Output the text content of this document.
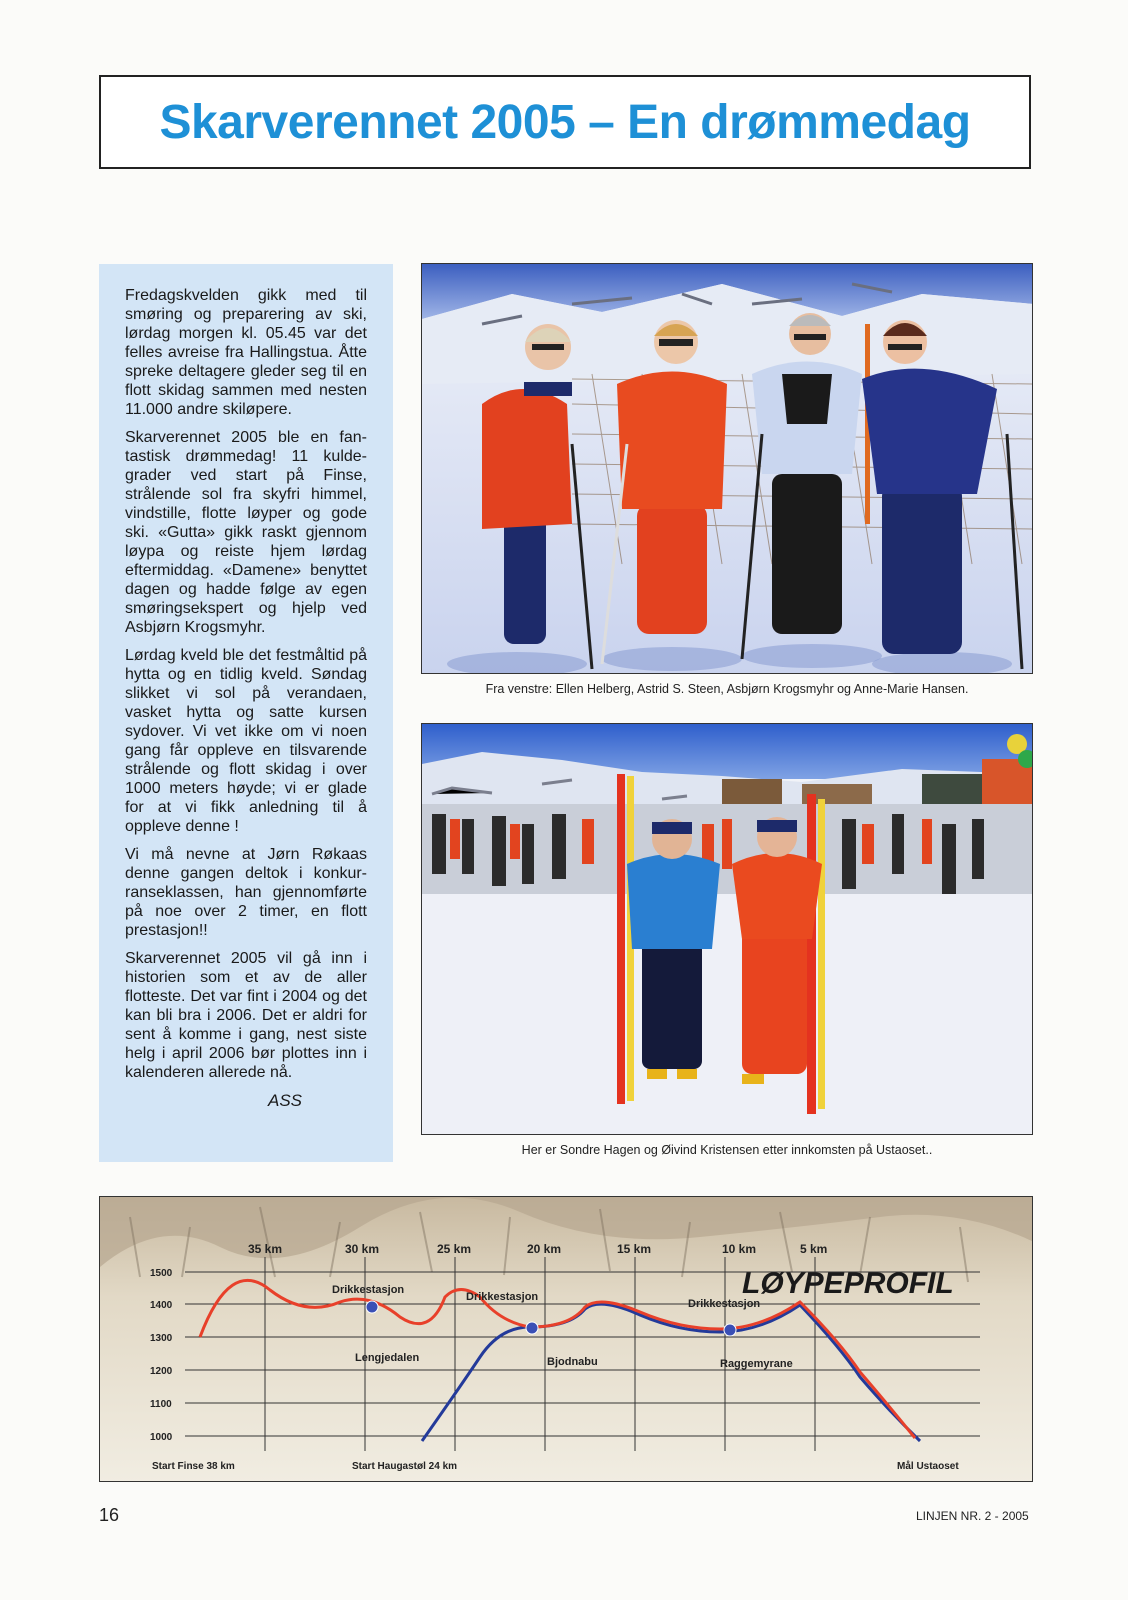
Skarverennet 2005 – En drømmedag

Fredagskvelden gikk med til smøring og preparering av ski, lørdag morgen kl. 05.45 var det felles avreise fra Hallingstua. Åtte spreke deltagere gleder seg til en flott skidag sammen med nesten 11.000 andre skiløpere.

Skarverennet 2005 ble en fantastisk drømmedag! 11 kuldegrader ved start på Finse, strålende sol fra skyfri himmel, vindstille, flotte løyper og gode ski. «Gutta» gikk raskt gjennom løypa og reiste hjem lørdag eftermiddag. «Damene» benyttet dagen og hadde følge av egen smøringsekspert og hjelp ved Asbjørn Krogsmyhr.

Lørdag kveld ble det festmåltid på hytta og en tidlig kveld. Søndag slikket vi sol på verandaen, vasket hytta og satte kursen sydover. Vi vet ikke om vi noen gang får oppleve en tilsvarende strålende og flott skidag i over 1000 meters høyde; vi er glade for at vi fikk anledning til å oppleve denne !

Vi må nevne at Jørn Røkaas denne gangen deltok i konkurranseklassen, han gjennomførte på noe over 2 timer, en flott prestasjon!!

Skarverennet 2005 vil gå inn i historien som et av de aller flotteste. Det var fint i 2004 og det kan bli bra i 2006. Det er aldri for sent å komme i gang, nest siste helg i april 2006 bør plottes inn i kalenderen allerede nå.

ASS

Fra venstre: Ellen Helberg, Astrid S. Steen, Asbjørn Krogsmyhr og Anne-Marie Hansen.
Her er Sondre Hagen og Øivind Kristensen etter innkomsten på Ustaoset..
35 km	30 km	25 km	20 km	15 km	10 km	5 km
1500
1400
1300
1200
1100
1000
Drikkestasjon
Drikkestasjon
Drikkestasjon
Lengjedalen	Bjodnabu	Raggemyrane
LØYPEPROFIL
Start Finse 38 km	Start Haugastøl 24 km	Mål Ustaoset
16	LINJEN NR. 2 - 2005
